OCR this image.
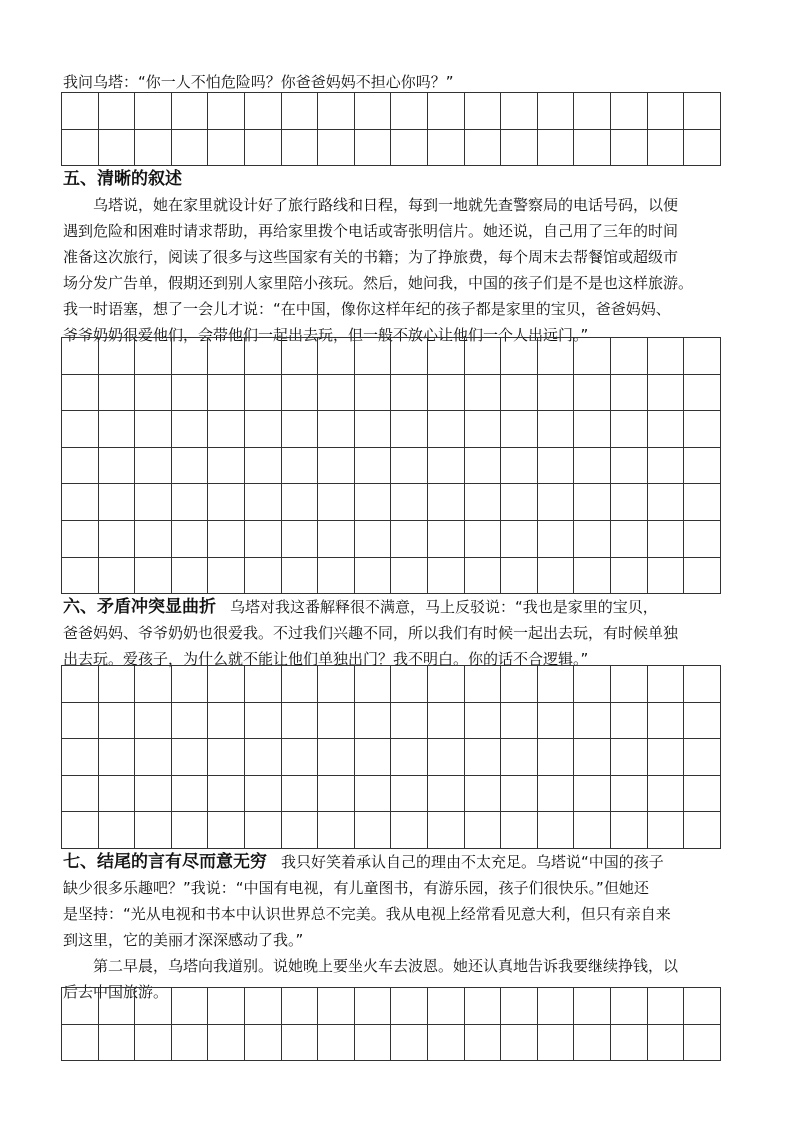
我问乌塔：“你一人不怕危险吗？你爸爸妈妈不担心你吗？”
五、清晰的叙述
　　乌塔说，她在家里就设计好了旅行路线和日程，每到一地就先查警察局的电话号码，以便
遇到危险和困难时请求帮助，再给家里拨个电话或寄张明信片。她还说，自己用了三年的时间
准备这次旅行，阅读了很多与这些国家有关的书籍；为了挣旅费，每个周末去帮餐馆或超级市
场分发广告单，假期还到别人家里陪小孩玩。然后，她问我，中国的孩子们是不是也这样旅游。
我一时语塞，想了一会儿才说：“在中国，像你这样年纪的孩子都是家里的宝贝，爸爸妈妈、
爷爷奶奶很爱他们，会带他们一起出去玩，但一般不放心让他们一个人出远门。”
六、矛盾冲突显曲折 乌塔对我这番解释很不满意，马上反驳说：“我也是家里的宝贝，
爸爸妈妈、爷爷奶奶也很爱我。不过我们兴趣不同，所以我们有时候一起出去玩，有时候单独
出去玩。爱孩子，为什么就不能让他们单独出门？我不明白。你的话不合逻辑。”
七、结尾的言有尽而意无穷 我只好笑着承认自己的理由不太充足。乌塔说“中国的孩子
缺少很多乐趣吧？”我说：“中国有电视，有儿童图书，有游乐园，孩子们很快乐。”但她还
是坚持：“光从电视和书本中认识世界总不完美。我从电视上经常看见意大利，但只有亲自来
到这里，它的美丽才深深感动了我。”
　　第二早晨，乌塔向我道别。说她晚上要坐火车去波恩。她还认真地告诉我要继续挣钱，以
后去中国旅游。
